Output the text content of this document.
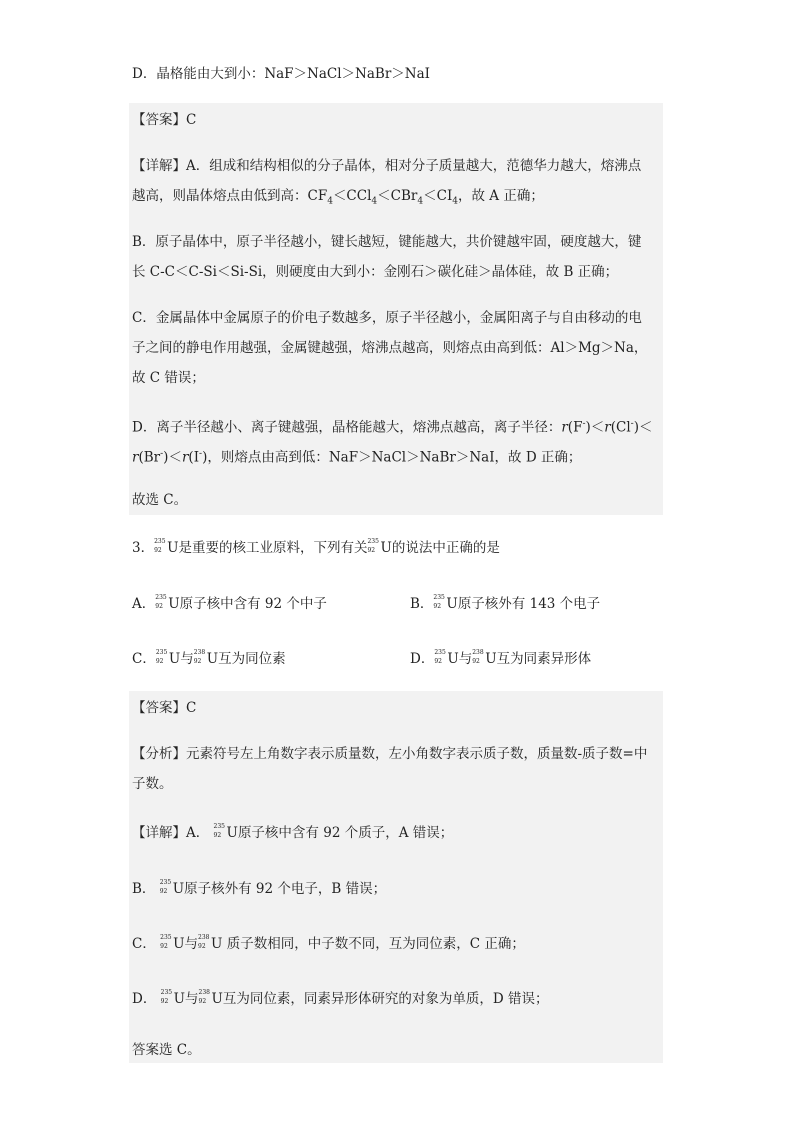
D．晶格能由大到小：NaF＞NaCl＞NaBr＞NaI
【答案】C
【详解】A．组成和结构相似的分子晶体，相对分子质量越大，范德华力越大，熔沸点
越高，则晶体熔点由低到高：$CF_4<CCl_4<CBr_4<CI_4$，故 A 正确；
B．原子晶体中，原子半径越小，键长越短，键能越大，共价键越牢固，硬度越大，键
长 C-C＜C-Si＜Si-Si，则硬度由大到小：金刚石＞碳化硅＞晶体硅，故 B 正确；
C．金属晶体中金属原子的价电子数越多，原子半径越小，金属阳离子与自由移动的电
子之间的静电作用越强，金属键越强，熔沸点越高，则熔点由高到低：Al＞Mg＞Na，
故 C 错误；
D．离子半径越小、离子键越强，晶格能越大，熔沸点越高，离子半径：r(F-)＜r(Cl-)＜
r(Br-)＜r(I-)，则熔点由高到低：NaF＞NaCl＞NaBr＞NaI，故 D 正确；
故选 C。
3． 235
92 U是重要的核工业原料，下列有关 235
92 U的说法中正确的是
A． 235
92 U原子核中含有 92 个中子	B． 235
92 U原子核外有 143 个电子
C． 235
92 U与 238
92 U互为同位素	D． 235
92 U与 238
92 U互为同素异形体
【答案】C
【分析】元素符号左上角数字表示质量数，左小角数字表示质子数，质量数-质子数=中
子数。
【详解】A． 235
92 U原子核中含有 92 个质子，A 错误；
B． 235
92 U原子核外有 92 个电子，B 错误；
C． 235
92 U与 238
92 U 质子数相同，中子数不同，互为同位素，C 正确；
D． 235
92 U与 238
92 U互为同位素，同素异形体研究的对象为单质，D 错误；
答案选 C。
